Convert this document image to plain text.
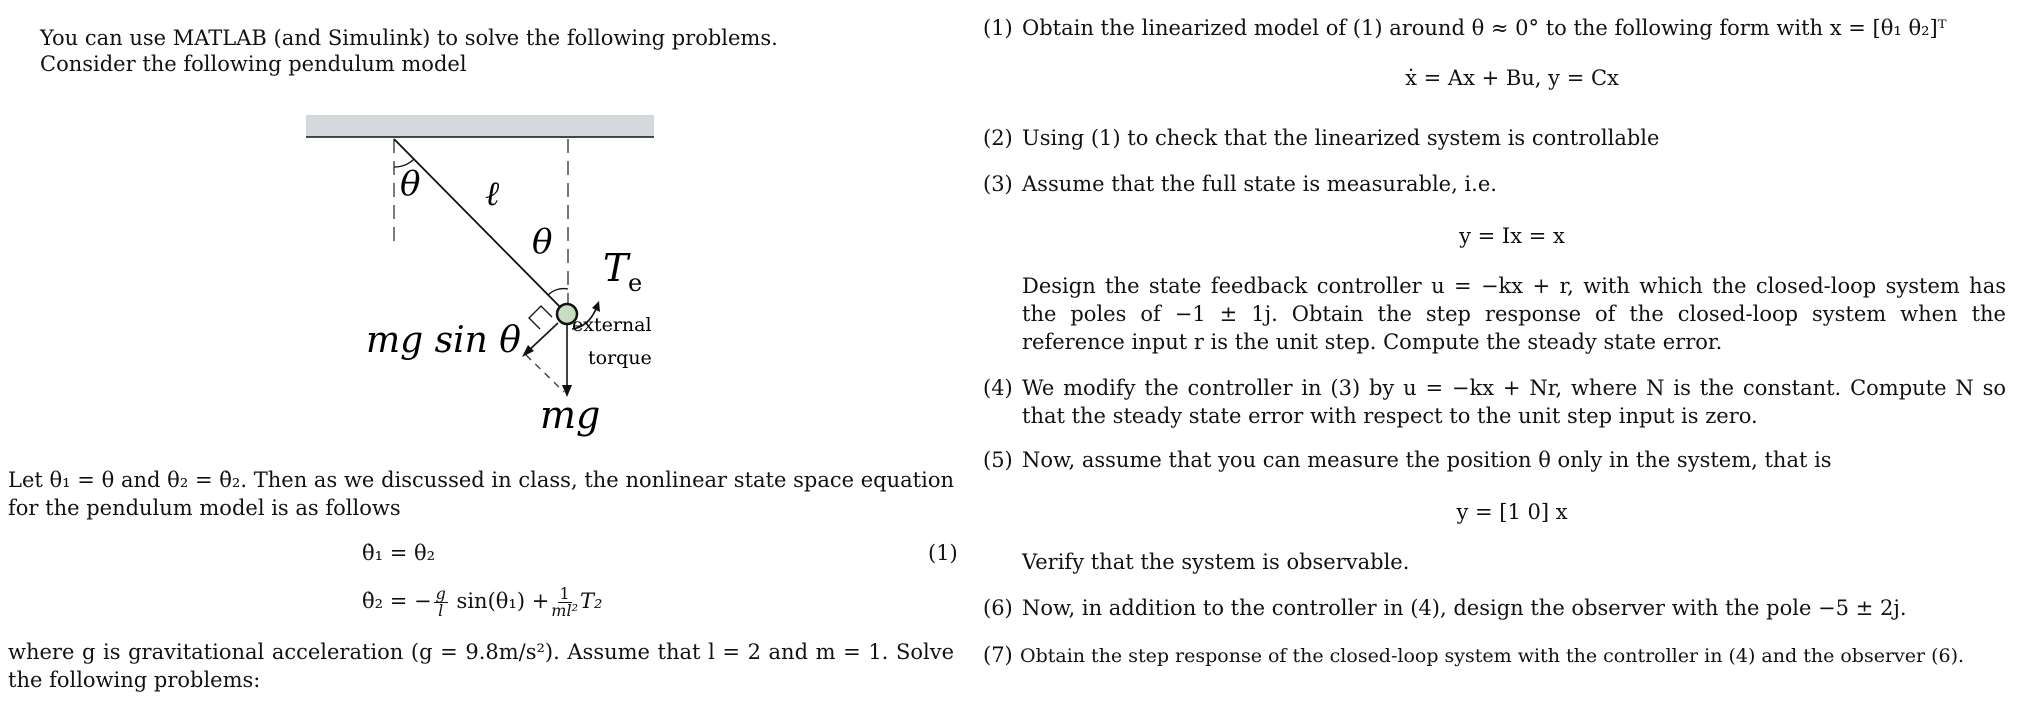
You can use MATLAB (and Simulink) to solve the following problems.
Consider the following pendulum model
θ ℓ
θ
T e
external
torque
mg sin θ
mg
Let θ₁ = θ and θ₂ = θ̇₂. Then as we discussed in class, the nonlinear state space equation for the pendulum model is as follows
θ̇₁ = θ₂	(1)
θ̇₂ = − $\frac{g}{l} \sin(\theta_1) + \frac{1}{\text{ml²}} T_2$
where g is gravitational acceleration (g = 9.8m/s²). Assume that l = 2 and m = 1. Solve the following problems:
(1) Obtain the linearized model of (1) around θ ≈ 0° to the following form with x = [θ₁ θ₂]ᵀ
ẋ = Ax + Bu, y = Cx
(2) Using (1) to check that the linearized system is controllable
(3) Assume that the full state is measurable, i.e.
y = Ix = x
Design the state feedback controller u = −kx + r, with which the closed-loop system has the poles of −1 ± 1j. Obtain the step response of the closed-loop system when the reference input r is the unit step. Compute the steady state error.
(4) We modify the controller in (3) by u = −kx + Nr, where N is the constant. Compute N so that the steady state error with respect to the unit step input is zero.
(5) Now, assume that you can measure the position θ only in the system, that is
y = [1 0] x
Verify that the system is observable.
(6) Now, in addition to the controller in (4), design the observer with the pole −5 ± 2j.
(7) Obtain the step response of the closed-loop system with the controller in (4) and the observer (6).
